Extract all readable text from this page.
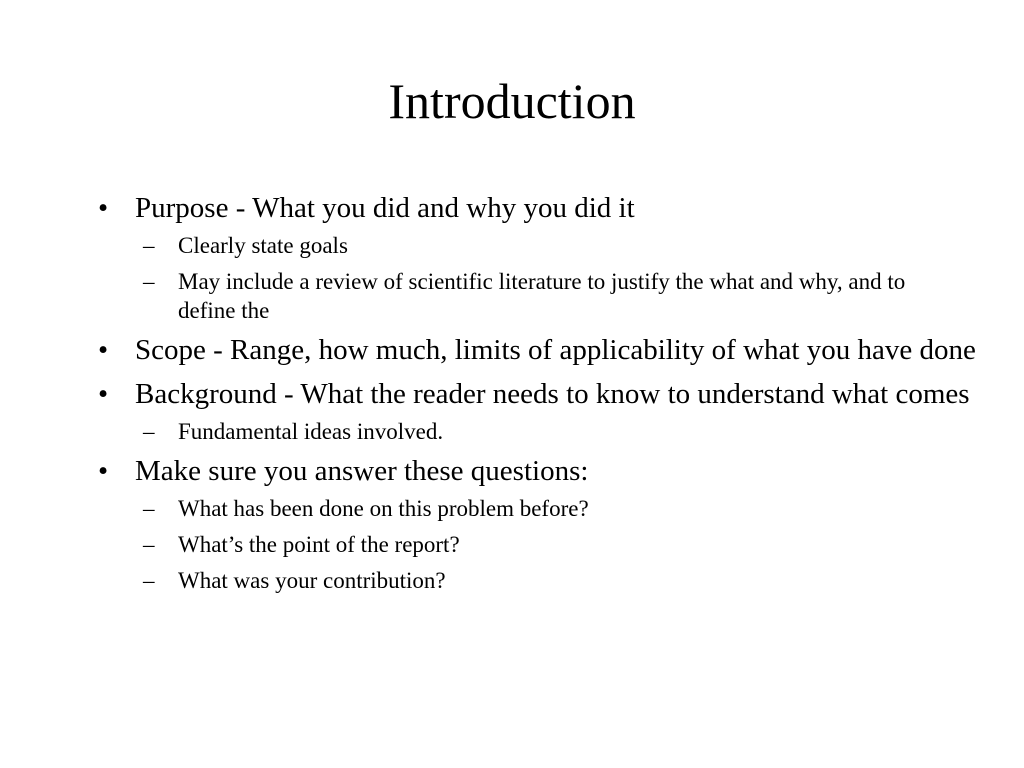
Introduction
• Purpose - What you did and why you did it
– Clearly state goals
– May include a review of scientific literature to justify the what and why, and to define the
• Scope - Range, how much, limits of applicability of what you have done
• Background - What the reader needs to know to understand what comes
– Fundamental ideas involved.
• Make sure you answer these questions:
– What has been done on this problem before?
– What’s the point of the report?
– What was your contribution?
